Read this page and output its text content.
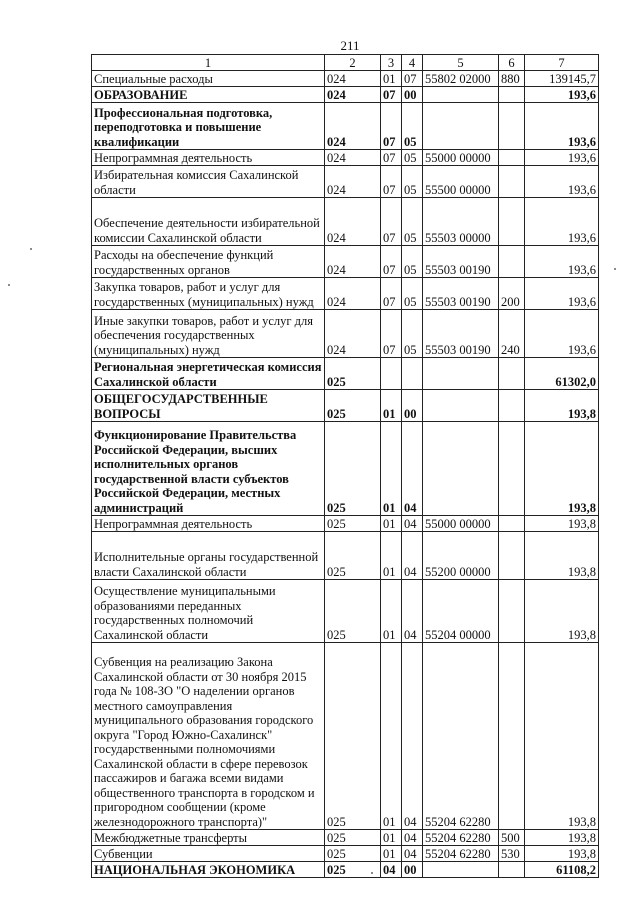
211
1	2	3	4	5	6	7
Специальные расходы	024	01	07	55802 02000	880	139145,7
ОБРАЗОВАНИЕ	024	07	00			193,6
Профессиональная подготовка, переподготовка и повышение квалификации	024	07	05			193,6
Непрограммная деятельность	024	07	05	55000 00000		193,6
Избирательная комиссия Сахалинской области	024	07	05	55500 00000		193,6
Обеспечение деятельности избирательной комиссии Сахалинской области	024	07	05	55503 00000		193,6
Расходы на обеспечение функций государственных органов	024	07	05	55503 00190		193,6
Закупка товаров, работ и услуг для государственных (муниципальных) нужд	024	07	05	55503 00190	200	193,6
Иные закупки товаров, работ и услуг для обеспечения государственных (муниципальных) нужд	024	07	05	55503 00190	240	193,6
Региональная энергетическая комиссия Сахалинской области	025					61302,0
ОБЩЕГОСУДАРСТВЕННЫЕ ВОПРОСЫ	025	01	00			193,8
Функционирование Правительства Российской Федерации, высших исполнительных органов государственной власти субъектов Российской Федерации, местных администраций	025	01	04			193,8
Непрограммная деятельность	025	01	04	55000 00000		193,8
Исполнительные органы государственной власти Сахалинской области	025	01	04	55200 00000		193,8
Осуществление муниципальными образованиями переданных государственных полномочий Сахалинской области	025	01	04	55204 00000		193,8
Субвенция на реализацию Закона Сахалинской области от 30 ноября 2015 года № 108-ЗО "О наделении органов местного самоуправления муниципального образования городского округа "Город Южно-Сахалинск" государственными полномочиями Сахалинской области в сфере перевозок пассажиров и багажа всеми видами общественного транспорта в городском и пригородном сообщении (кроме железнодорожного транспорта)"	025	01	04	55204 62280		193,8
Межбюджетные трансферты	025	01	04	55204 62280	500	193,8
Субвенции	025	01	04	55204 62280	530	193,8
НАЦИОНАЛЬНАЯ ЭКОНОМИКА	025	04	00			61108,2
